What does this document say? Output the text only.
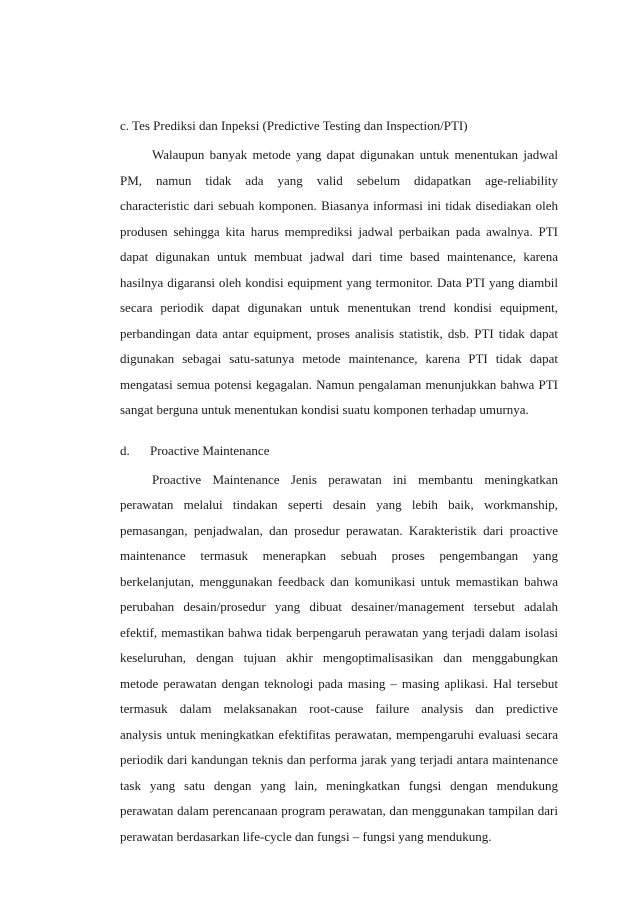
c. Tes Prediksi dan Inpeksi (Predictive Testing dan Inspection/PTI)
Walaupun banyak metode yang dapat digunakan untuk menentukan jadwal
PM, namun tidak ada yang valid sebelum didapatkan age-reliability
characteristic dari sebuah komponen. Biasanya informasi ini tidak disediakan oleh
produsen sehingga kita harus memprediksi jadwal perbaikan pada awalnya. PTI
dapat digunakan untuk membuat jadwal dari time based maintenance, karena
hasilnya digaransi oleh kondisi equipment yang termonitor. Data PTI yang diambil
secara periodik dapat digunakan untuk menentukan trend kondisi equipment,
perbandingan data antar equipment, proses analisis statistik, dsb. PTI tidak dapat
digunakan sebagai satu-satunya metode maintenance, karena PTI tidak dapat
mengatasi semua potensi kegagalan. Namun pengalaman menunjukkan bahwa PTI
sangat berguna untuk menentukan kondisi suatu komponen terhadap umurnya.
d.	Proactive Maintenance
Proactive Maintenance Jenis perawatan ini membantu meningkatkan
perawatan melalui tindakan seperti desain yang lebih baik, workmanship,
pemasangan, penjadwalan, dan prosedur perawatan. Karakteristik dari proactive
maintenance termasuk menerapkan sebuah proses pengembangan yang
berkelanjutan, menggunakan feedback dan komunikasi untuk memastikan bahwa
perubahan desain/prosedur yang dibuat desainer/management tersebut adalah
efektif, memastikan bahwa tidak berpengaruh perawatan yang terjadi dalam isolasi
keseluruhan, dengan tujuan akhir mengoptimalisasikan dan menggabungkan
metode perawatan dengan teknologi pada masing – masing aplikasi. Hal tersebut
termasuk dalam melaksanakan root-cause failure analysis dan predictive
analysis untuk meningkatkan efektifitas perawatan, mempengaruhi evaluasi secara
periodik dari kandungan teknis dan performa jarak yang terjadi antara maintenance
task yang satu dengan yang lain, meningkatkan fungsi dengan mendukung
perawatan dalam perencanaan program perawatan, dan menggunakan tampilan dari
perawatan berdasarkan life-cycle dan fungsi – fungsi yang mendukung.
